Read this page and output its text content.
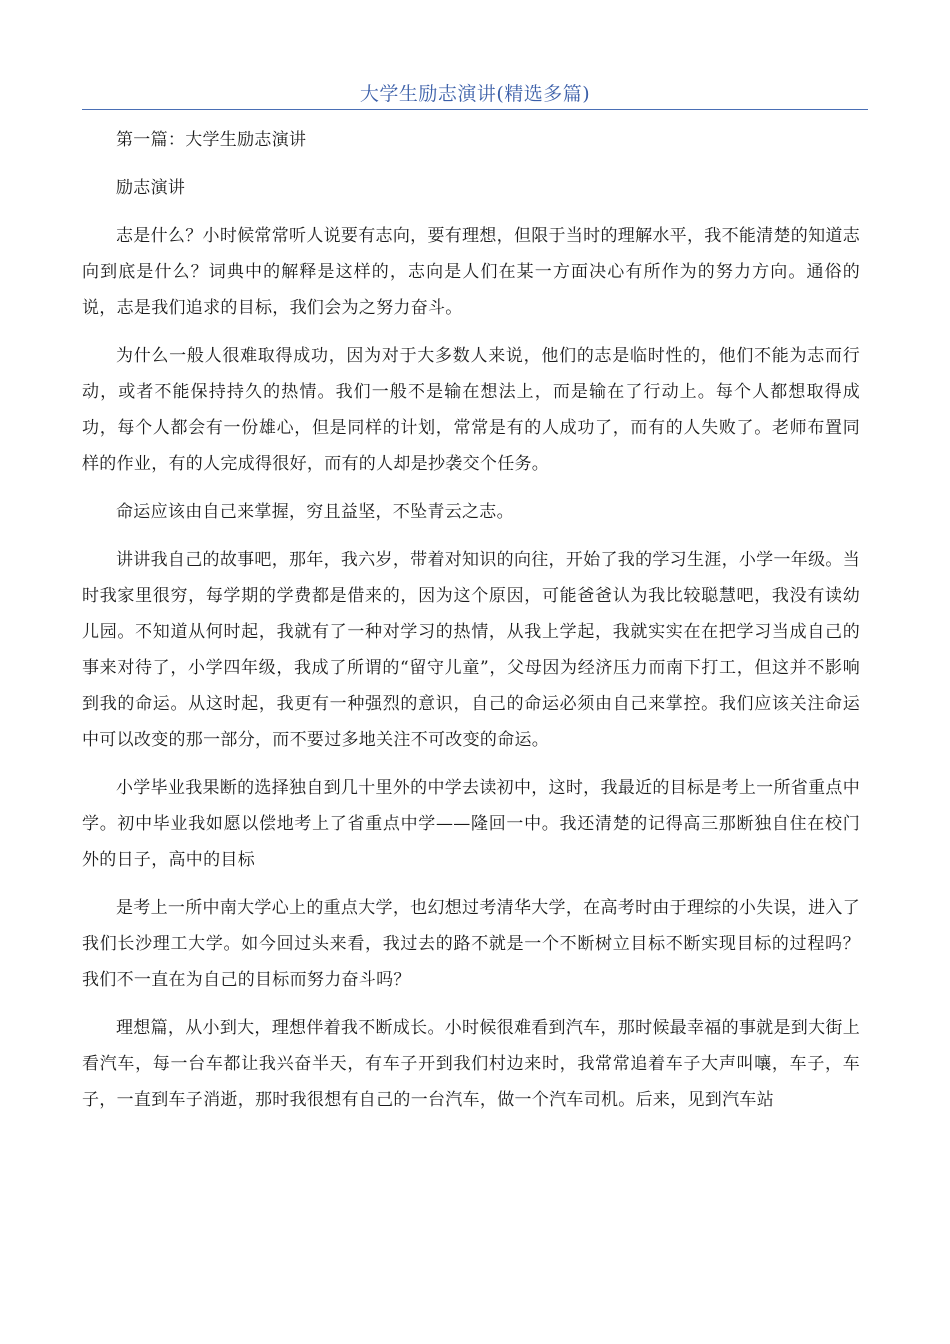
大学生励志演讲(精选多篇)

第一篇：大学生励志演讲

励志演讲

志是什么？小时候常常听人说要有志向，要有理想，但限于当时的理解水平，我不能清楚的知道志向到底是什么？词典中的解释是这样的，志向是人们在某一方面决心有所作为的努力方向。通俗的说，志是我们追求的目标，我们会为之努力奋斗。

为什么一般人很难取得成功，因为对于大多数人来说，他们的志是临时性的，他们不能为志而行动，或者不能保持持久的热情。我们一般不是输在想法上，而是输在了行动上。每个人都想取得成功，每个人都会有一份雄心，但是同样的计划，常常是有的人成功了，而有的人失败了。老师布置同样的作业，有的人完成得很好，而有的人却是抄袭交个任务。

命运应该由自己来掌握，穷且益坚，不坠青云之志。

讲讲我自己的故事吧，那年，我六岁，带着对知识的向往，开始了我的学习生涯，小学一年级。当时我家里很穷，每学期的学费都是借来的，因为这个原因，可能爸爸认为我比较聪慧吧，我没有读幼儿园。不知道从何时起，我就有了一种对学习的热情，从我上学起，我就实实在在把学习当成自己的事来对待了，小学四年级，我成了所谓的“留守儿童”，父母因为经济压力而南下打工，但这并不影响到我的命运。从这时起，我更有一种强烈的意识，自己的命运必须由自己来掌控。我们应该关注命运中可以改变的那一部分，而不要过多地关注不可改变的命运。

小学毕业我果断的选择独自到几十里外的中学去读初中，这时，我最近的目标是考上一所省重点中学。初中毕业我如愿以偿地考上了省重点中学——隆回一中。我还清楚的记得高三那断独自住在校门外的日子，高中的目标

是考上一所中南大学心上的重点大学，也幻想过考清华大学，在高考时由于理综的小失误，进入了我们长沙理工大学。如今回过头来看，我过去的路不就是一个不断树立目标不断实现目标的过程吗？我们不一直在为自己的目标而努力奋斗吗？

理想篇，从小到大，理想伴着我不断成长。小时候很难看到汽车，那时候最幸福的事就是到大街上看汽车，每一台车都让我兴奋半天，有车子开到我们村边来时，我常常追着车子大声叫嚷，车子，车子，一直到车子消逝，那时我很想有自己的一台汽车，做一个汽车司机。后来，见到汽车站
